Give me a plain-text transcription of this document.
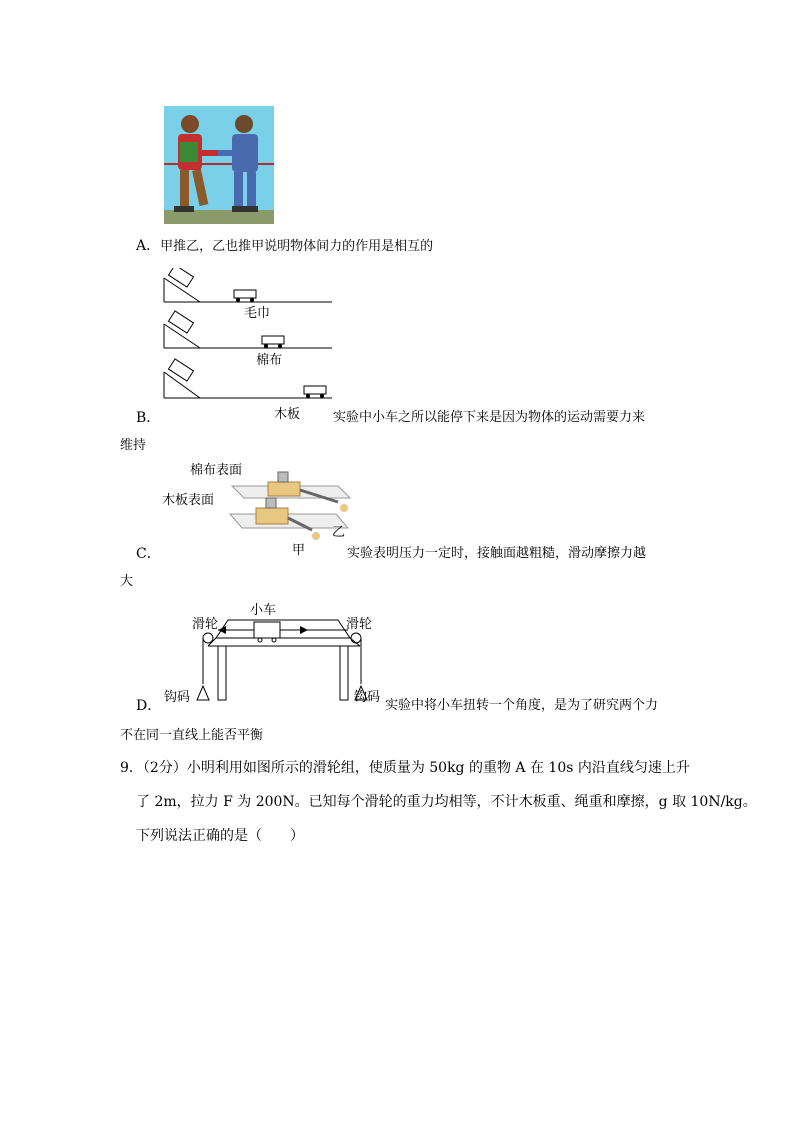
A．甲推乙，乙也推甲说明物体间力的作用是相互的
毛巾
棉布
木板
B．	实验中小车之所以能停下来是因为物体的运动需要力来
维持
棉布表面
木板表面
乙
甲
C．	实验表明压力一定时，接触面越粗糙，滑动摩擦力越
大
小车
滑轮	滑轮
钩码	钩码
D．	实验中将小车扭转一个角度，是为了研究两个力
不在同一直线上能否平衡
9．（2分）小明利用如图所示的滑轮组，使质量为 50kg 的重物 A 在 10s 内沿直线匀速上升
了 2m，拉力 F 为 200N。已知每个滑轮的重力均相等，不计木板重、绳重和摩擦，g 取 10N/kg。
下列说法正确的是（　　）
